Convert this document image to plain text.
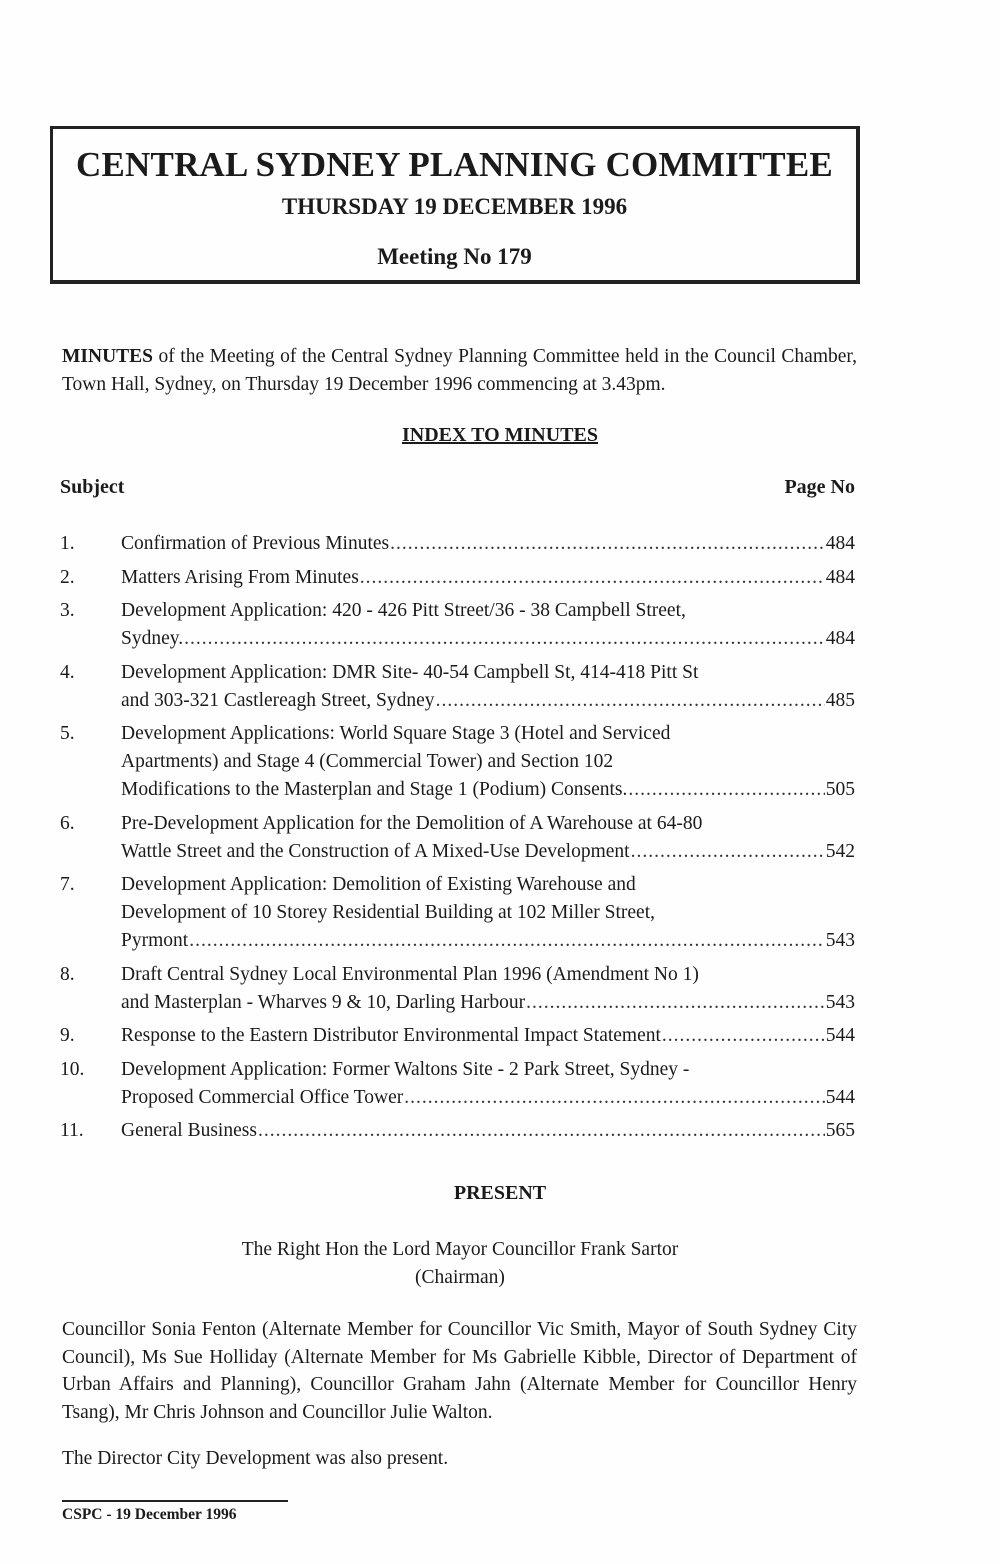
CENTRAL SYDNEY PLANNING COMMITTEE
THURSDAY 19 DECEMBER 1996
Meeting No 179
MINUTES of the Meeting of the Central Sydney Planning Committee held in the Council Chamber, Town Hall, Sydney, on Thursday 19 December 1996 commencing at 3.43pm.
INDEX TO MINUTES
Subject	Page No
1. Confirmation of Previous Minutes .....	484
2. Matters Arising From Minutes .....	484
3. Development Application: 420 - 426 Pitt Street/36 - 38 Campbell Street,
Sydney. .....	484
4. Development Application: DMR Site- 40-54 Campbell St, 414-418 Pitt St
and 303-321 Castlereagh Street, Sydney .....	485
5. Development Applications: World Square Stage 3 (Hotel and Serviced
Apartments) and Stage 4 (Commercial Tower) and Section 102
Modifications to the Masterplan and Stage 1 (Podium) Consents. .....	505
6. Pre-Development Application for the Demolition of A Warehouse at 64-80
Wattle Street and the Construction of A Mixed-Use Development .....	542
7. Development Application: Demolition of Existing Warehouse and
Development of 10 Storey Residential Building at 102 Miller Street,
Pyrmont .....	543
8. Draft Central Sydney Local Environmental Plan 1996 (Amendment No 1)
and Masterplan - Wharves 9 & 10, Darling Harbour .....	543
9. Response to the Eastern Distributor Environmental Impact Statement .....	544
10. Development Application: Former Waltons Site - 2 Park Street, Sydney -
Proposed Commercial Office Tower .....	544
11. General Business .....	565
PRESENT
The Right Hon the Lord Mayor Councillor Frank Sartor
(Chairman)
Councillor Sonia Fenton (Alternate Member for Councillor Vic Smith, Mayor of South Sydney City Council), Ms Sue Holliday (Alternate Member for Ms Gabrielle Kibble, Director of Department of Urban Affairs and Planning), Councillor Graham Jahn (Alternate Member for Councillor Henry Tsang), Mr Chris Johnson and Councillor Julie Walton.
The Director City Development was also present.
CSPC - 19 December 1996
